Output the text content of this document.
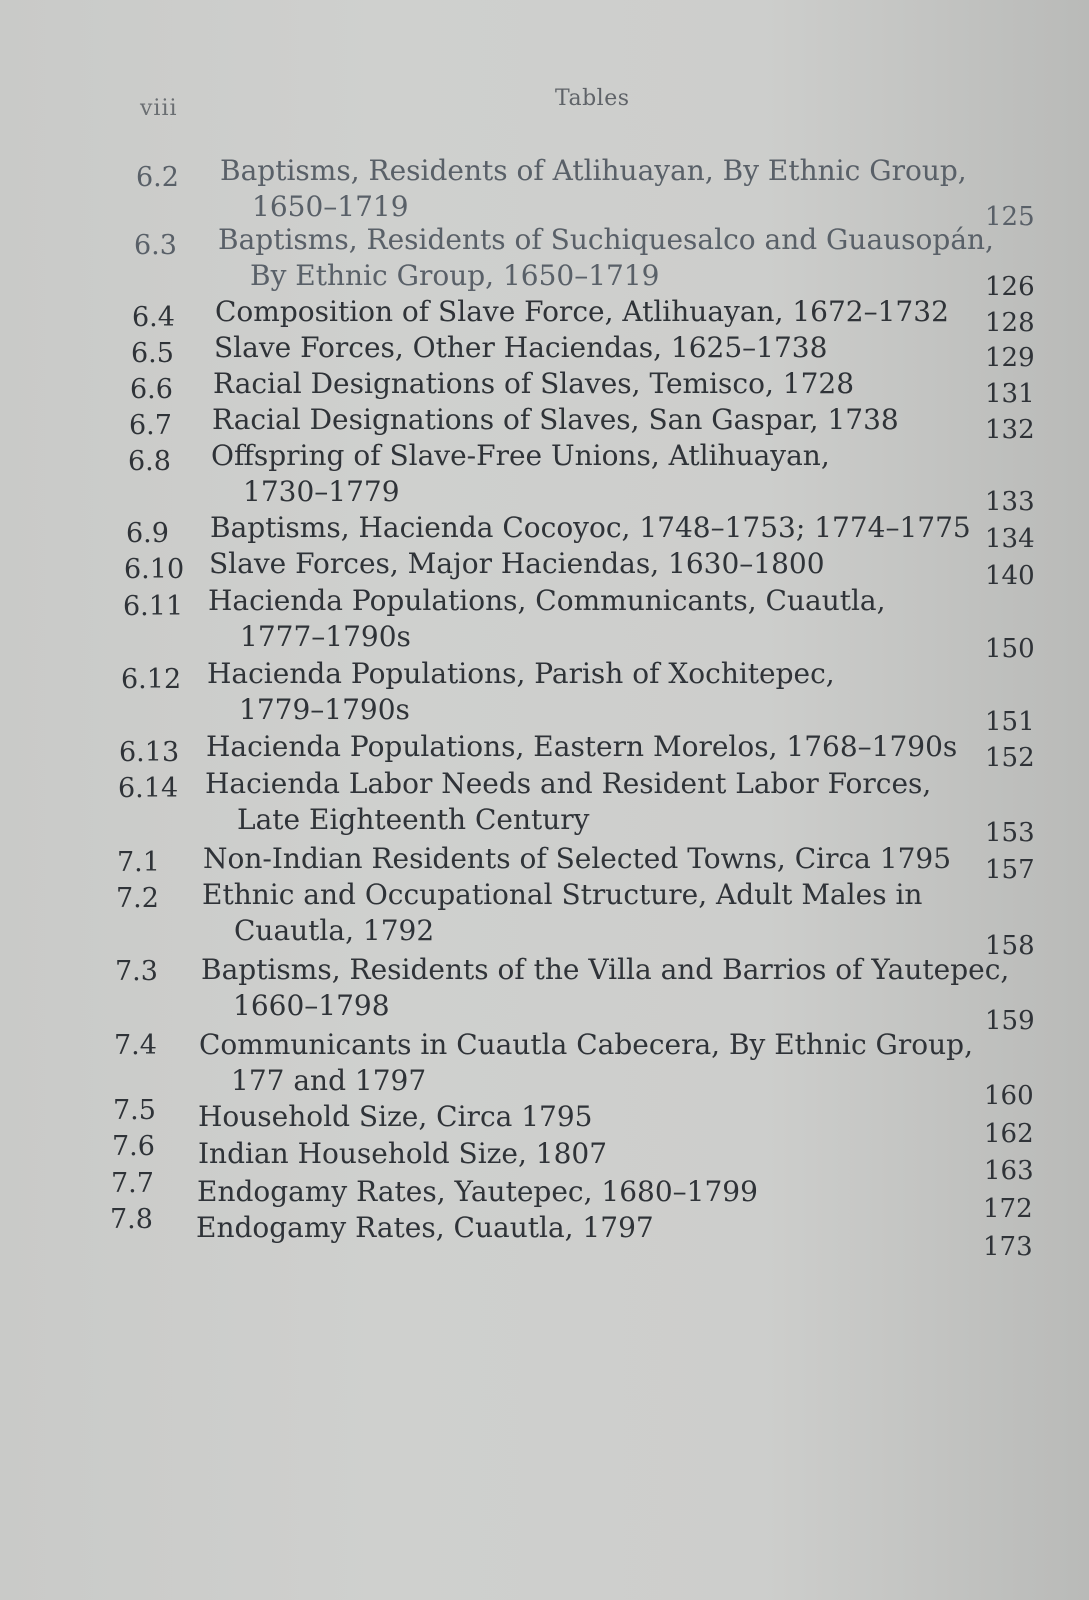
viii	Tables
6.2 Baptisms, Residents of Atlihuayan, By Ethnic Group,
1650–1719	125
6.3 Baptisms, Residents of Suchiquesalco and Guausopán,
By Ethnic Group, 1650–1719	126
6.4 Composition of Slave Force, Atlihuayan, 1672–1732 128
6.5 Slave Forces, Other Haciendas, 1625–1738	129
6.6 Racial Designations of Slaves, Temisco, 1728	131
6.7 Racial Designations of Slaves, San Gaspar, 1738	132
6.8 Offspring of Slave-Free Unions, Atlihuayan,
1730–1779	133
6.9 Baptisms, Hacienda Cocoyoc, 1748–1753; 1774–1775 134
6.10 Slave Forces, Major Haciendas, 1630–1800	140
6.11 Hacienda Populations, Communicants, Cuautla,
1777–1790s	150
6.12 Hacienda Populations, Parish of Xochitepec,
1779–1790s	151
6.13 Hacienda Populations, Eastern Morelos, 1768–1790s 152
6.14 Hacienda Labor Needs and Resident Labor Forces,
Late Eighteenth Century	153
7.1 Non-Indian Residents of Selected Towns, Circa 1795 157
7.2 Ethnic and Occupational Structure, Adult Males in
Cuautla, 1792	158
7.3 Baptisms, Residents of the Villa and Barrios of Yautepec,
1660–1798	159
7.4 Communicants in Cuautla Cabecera, By Ethnic Group,
177 and 1797	160
7.5 Household Size, Circa 1795
162
7.6 Indian Household Size, 1807
163
7.7 Endogamy Rates, Yautepec, 1680–1799
172
7.8 Endogamy Rates, Cuautla, 1797
173
